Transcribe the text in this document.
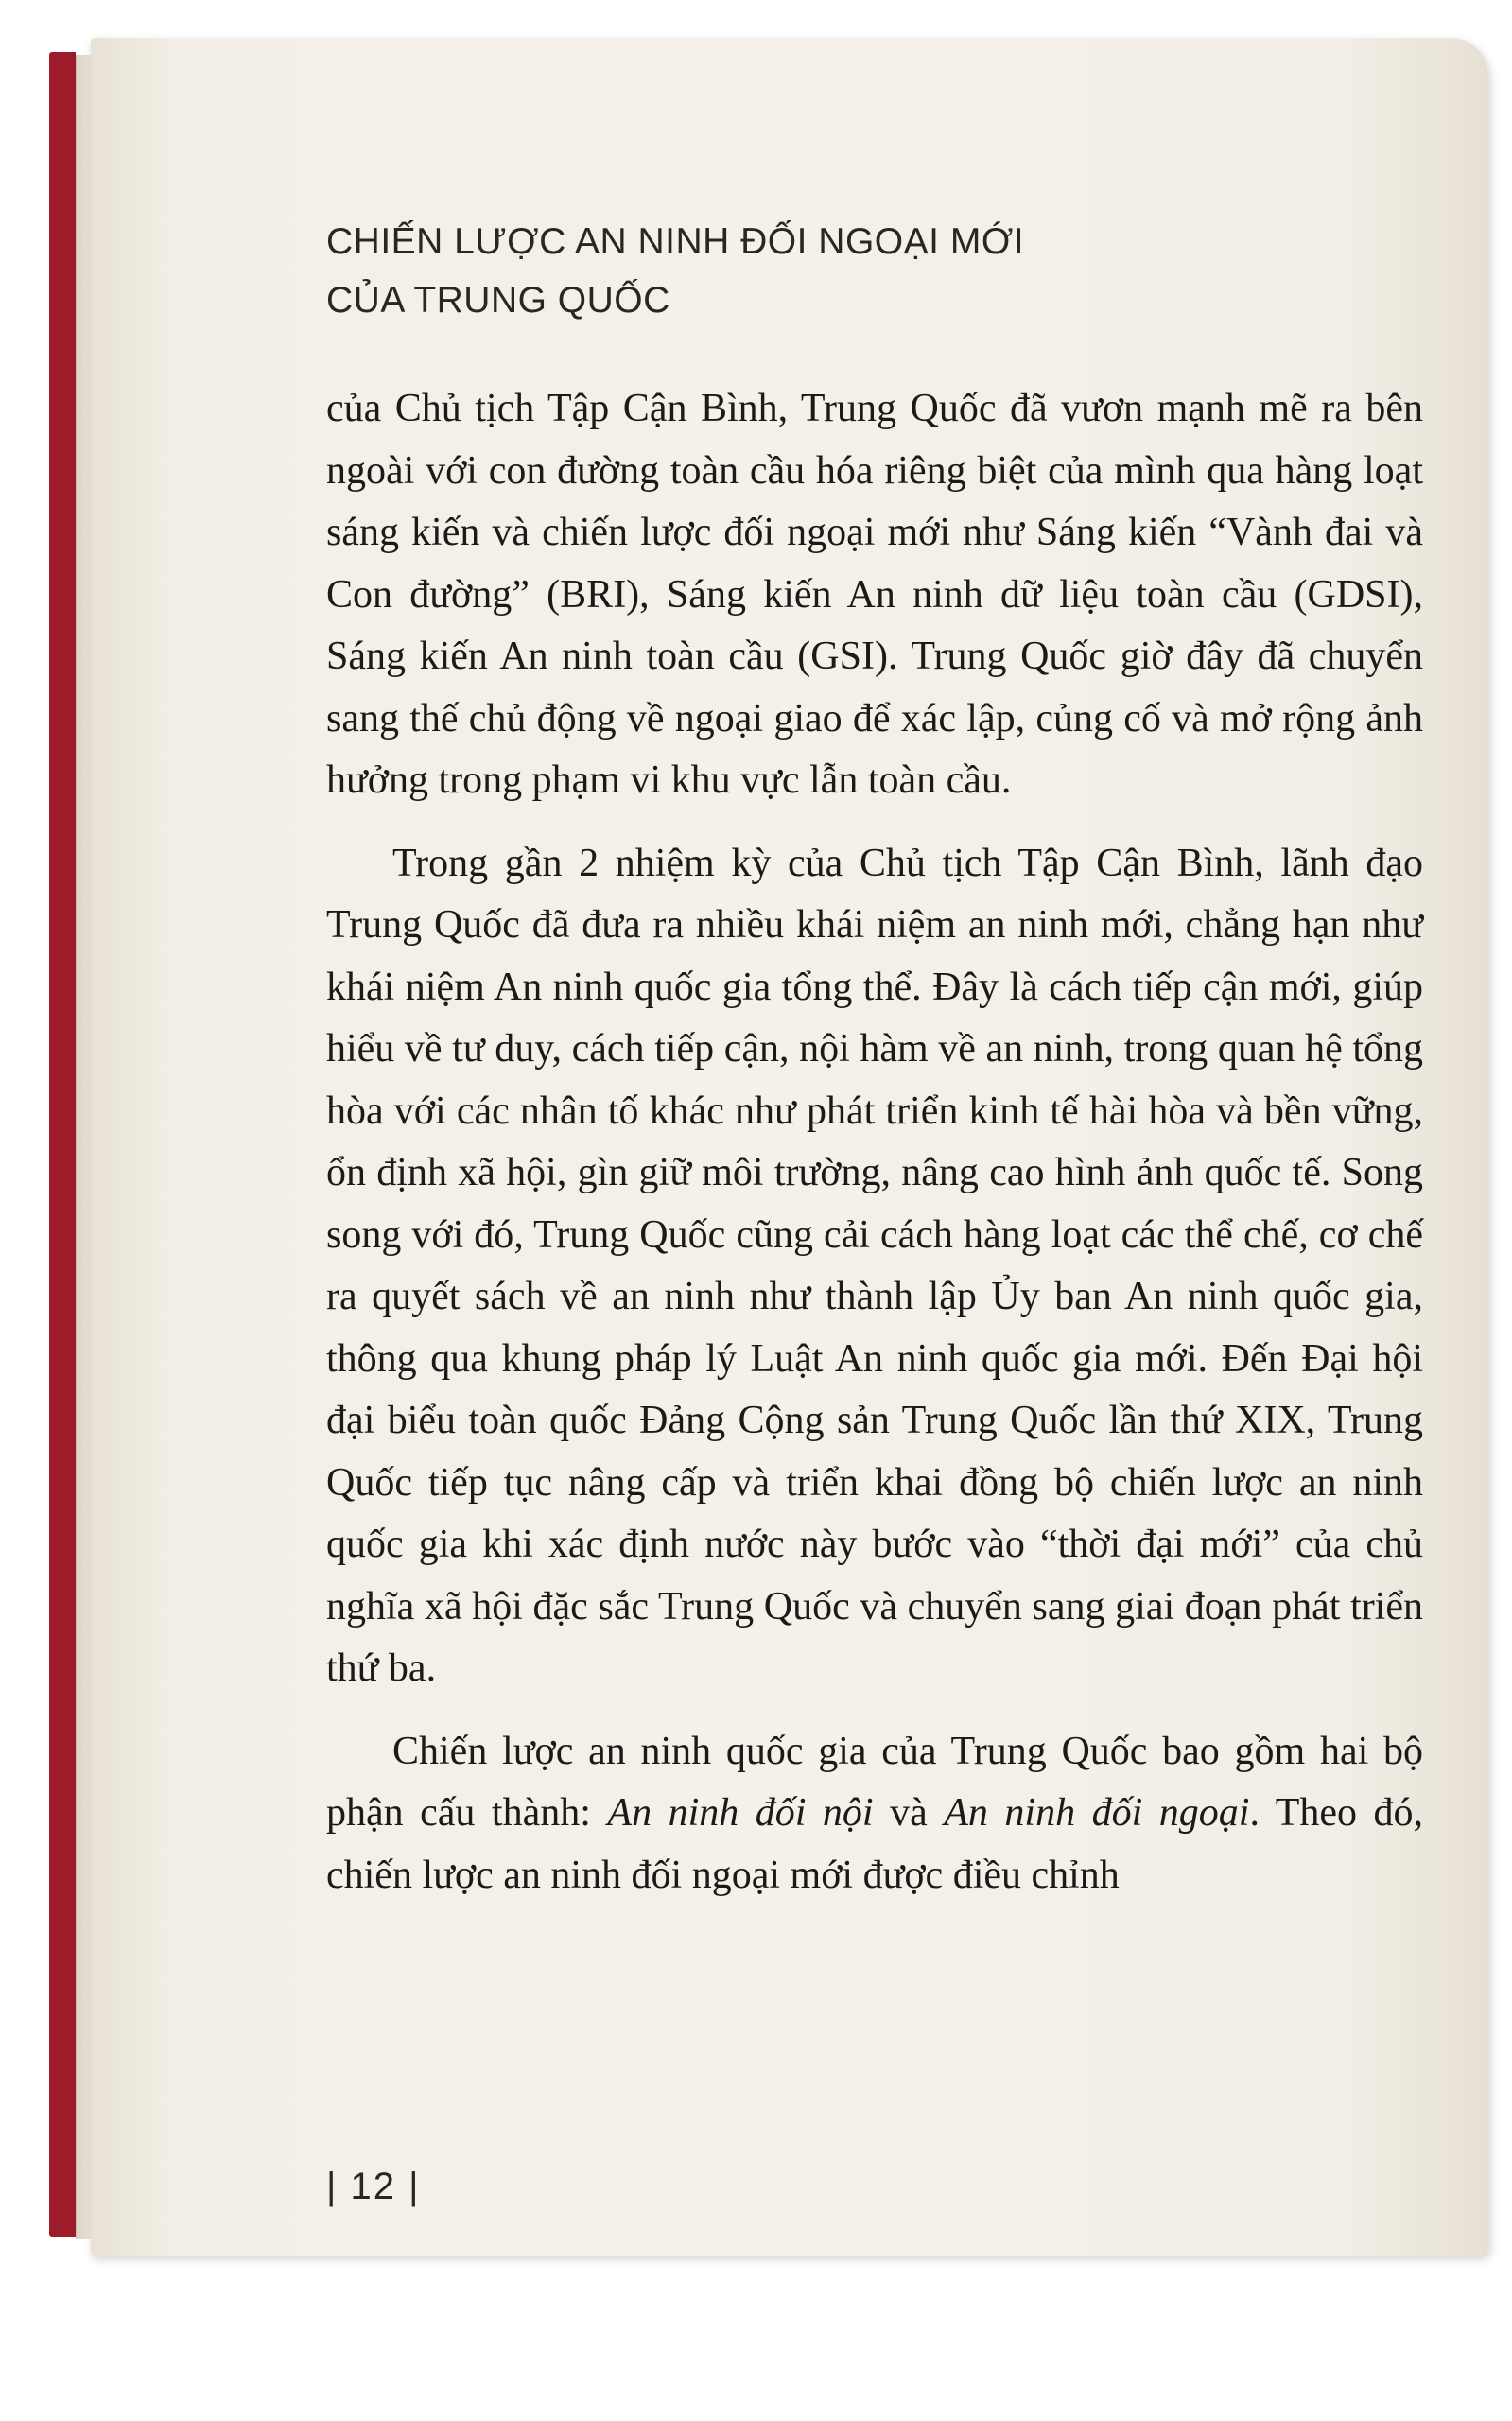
CHIẾN LƯỢC AN NINH ĐỐI NGOẠI MỚI
CỦA TRUNG QUỐC

của Chủ tịch Tập Cận Bình, Trung Quốc đã vươn mạnh mẽ ra bên ngoài với con đường toàn cầu hóa riêng biệt của mình qua hàng loạt sáng kiến và chiến lược đối ngoại mới như Sáng kiến “Vành đai và Con đường” (BRI), Sáng kiến An ninh dữ liệu toàn cầu (GDSI), Sáng kiến An ninh toàn cầu (GSI). Trung Quốc giờ đây đã chuyển sang thế chủ động về ngoại giao để xác lập, củng cố và mở rộng ảnh hưởng trong phạm vi khu vực lẫn toàn cầu.

Trong gần 2 nhiệm kỳ của Chủ tịch Tập Cận Bình, lãnh đạo Trung Quốc đã đưa ra nhiều khái niệm an ninh mới, chẳng hạn như khái niệm An ninh quốc gia tổng thể. Đây là cách tiếp cận mới, giúp hiểu về tư duy, cách tiếp cận, nội hàm về an ninh, trong quan hệ tổng hòa với các nhân tố khác như phát triển kinh tế hài hòa và bền vững, ổn định xã hội, gìn giữ môi trường, nâng cao hình ảnh quốc tế. Song song với đó, Trung Quốc cũng cải cách hàng loạt các thể chế, cơ chế ra quyết sách về an ninh như thành lập Ủy ban An ninh quốc gia, thông qua khung pháp lý Luật An ninh quốc gia mới. Đến Đại hội đại biểu toàn quốc Đảng Cộng sản Trung Quốc lần thứ XIX, Trung Quốc tiếp tục nâng cấp và triển khai đồng bộ chiến lược an ninh quốc gia khi xác định nước này bước vào “thời đại mới” của chủ nghĩa xã hội đặc sắc Trung Quốc và chuyển sang giai đoạn phát triển thứ ba.

Chiến lược an ninh quốc gia của Trung Quốc bao gồm hai bộ phận cấu thành: An ninh đối nội và An ninh đối ngoại. Theo đó, chiến lược an ninh đối ngoại mới được điều chỉnh

| 12 |
